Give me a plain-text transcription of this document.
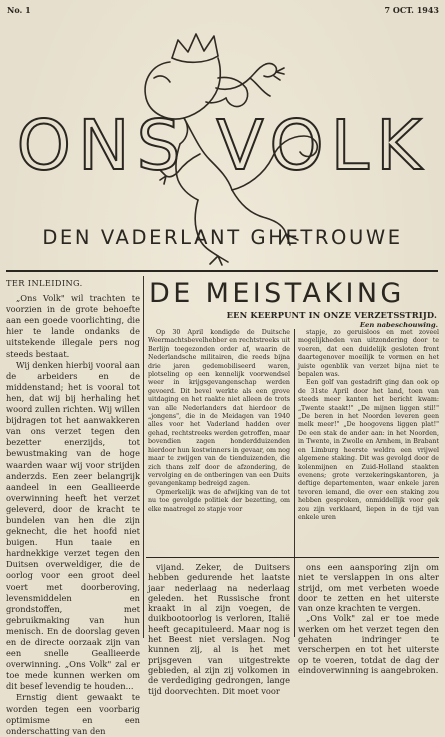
No. 1	7 OCT. 1943
ONS VOLK
DEN VADERLANT GHETROUWE
TER INLEIDING.

„Ons Volk" wil trachten te voorzien in de grote behoefte aan een goede voorlichting, die hier te lande ondanks de uitstekende illegale pers nog steeds bestaat.

Wij denken hierbij vooral aan de arbeiders en de middenstand; het is vooral tot hen, dat wij bij herhaling het woord zullen richten. Wij willen bijdragen tot het aanwakkeren van ons verzet tegen den bezetter enerzijds, tot bewustmaking van de hoge waarden waar wij voor strijden anderzds. Een zeer belangrijk aandeel in een Geallieerde overwinning heeft het verzet geleverd, door de kracht te bundelen van hen die zijn geknecht, die het hoofd niet buigen. Hun taaie en hardnekkige verzet tegen den Duitsen overweldiger, die de oorlog voor een groot deel voert met doorberoving, levensmiddelen en grondstoffen, met gebruikmaking van hun menisch. En de doorslag geven en de directe oorzaak zijn van een snelle Geallieerde overwinning. „Ons Volk" zal er toe mede kunnen werken om dit besef levendig te houden...

Ernstig dient gewaakt te worden tegen een voorbarig optimisme en een onderschatting van den

DE MEISTAKING
EEN KEERPUNT IN ONZE VERZETSSTRIJD.
Een nabeschouwing.

Op 30 April kondigde de Duitsche Weermachtsbevelhebber en rechtstreeks uit Berlijn toegezonden order af, waarin de Nederlandsche militairen, die reeds bijna drie jaren gedemobiliseerd waren, plotseling op een kennelijk voorwendsel weer in krijgsgevangenschap werden gevoerd. Dit bevel werkte als een grove uitdaging en het raakte niet alleen de trots van alle Nederlanders dat hierdoor de „jongens", die in de Meidagen van 1940 alles voor het Vaderland hadden over gehad, rechtstreeks werden getroffen, maar bovendien zagen honderdduizenden hierdoor hun kostwinners in gevaar, om nog maar te zwijgen van de tienduizenden, die zich thans zelf door de afzondering, de vervolging en de ontberingen van een Duits gevangenkamp bedreigd zagen.

Opmerkelijk was de afwijking van de tot nu toe gevolgde politiek der bezetting, om elke maatregel zo stapje voor

stapje, zo geruisloos en met zoveel mogelijkheden van uitzondering door te voeren, dat een duidelijk gesloten front daartegenover moeilijk te vormen en het juiste ogenblik van verzet bijna niet te bepalen was.

Een golf van gestadrift ging dan ook op de 31ste April door het land, toen van steeds meer kanten het bericht kwam: „Twente staakt!" „De mijnen liggen stil!" „De beren in het Noorden leveren geen melk meer!" „De hoogovens liggen plat!" De een stak de ander aan: in het Noorden, in Twente, in Zwolle en Arnhem, in Brabant en Limburg heerste weldra een vrijwel algemene staking. Dit was gevolgd door de kolenmijnen en Zuid-Holland staakten evenens; grote verzekeringskantoren, ja deftige departementen, waar enkele jaren tevoren iemand, die over een staking zou hebben gesproken, onmiddellijk voor gek zou zijn verklaard, liepen in de tijd van enkele uren

vijand. Zeker, de Duitsers hebben gedurende het laatste jaar nederlaag na nederlaag geleden. het Russische front kraakt in al zijn voegen, de duikbootoorlog is verloren, Italië heeft gecapituleerd. Maar nog is het Beest niet verslagen. Nog kunnen zij, al is het met prijsgeven van uitgestrekte gebieden, al zijn zij volkomen in de verdediging gedrongen, lange tijd doorvechten. Dit moet voor

ons een aansporing zijn om niet te verslappen in ons alter strijd, om met verbeten woede door te zetten en het uiterste van onze krachten te vergen.

„Ons Volk" zal er toe mede werken om het verzet tegen den gehaten indringer te verscherpen en tot het uiterste op te voeren, totdat de dag der eindoverwinning is aangebroken.
